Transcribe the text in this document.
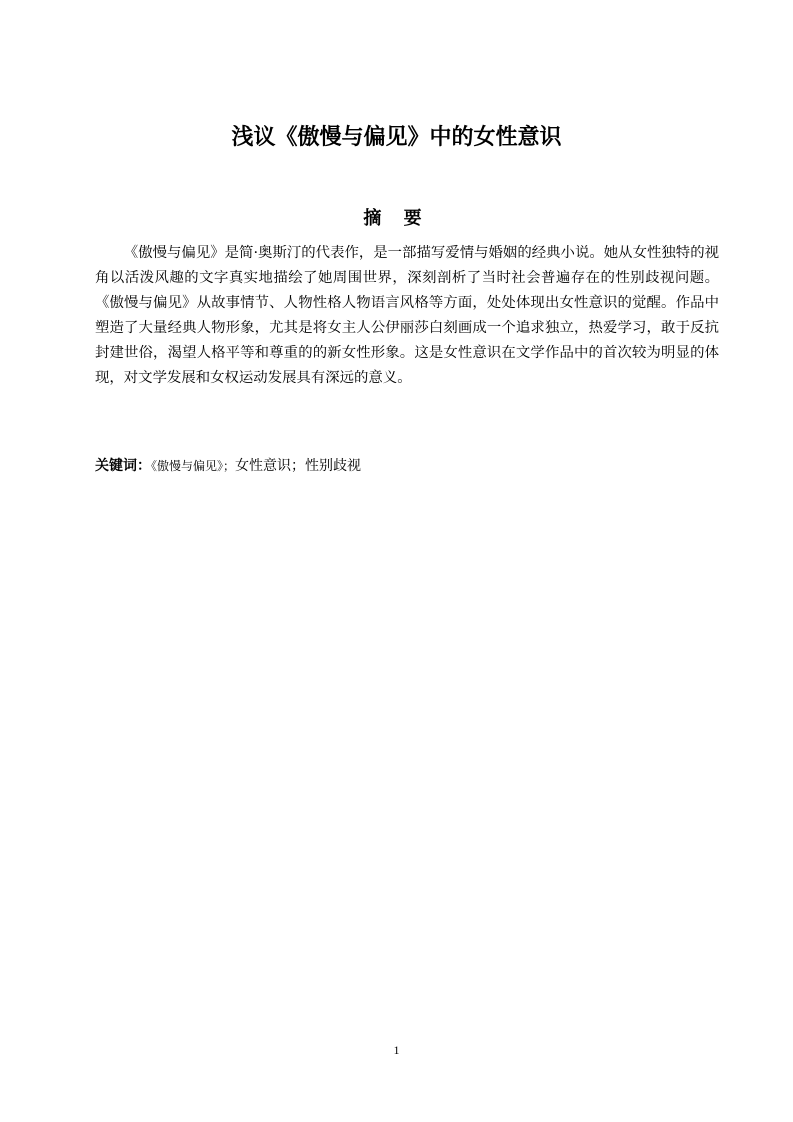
浅议《傲慢与偏见》中的女性意识
摘 要

《傲慢与偏见》是简·奥斯汀的代表作，是一部描写爱情与婚姻的经典小说。她从女性独特的视角以活泼风趣的文字真实地描绘了她周围世界，深刻剖析了当时社会普遍存在的性别歧视问题。《傲慢与偏见》从故事情节、人物性格人物语言风格等方面，处处体现出女性意识的觉醒。作品中塑造了大量经典人物形象，尤其是将女主人公伊丽莎白刻画成一个追求独立，热爱学习，敢于反抗封建世俗，渴望人格平等和尊重的的新女性形象。这是女性意识在文学作品中的首次较为明显的体现，对文学发展和女权运动发展具有深远的意义。

关键词：《傲慢与偏见》；女性意识；性别歧视

1
